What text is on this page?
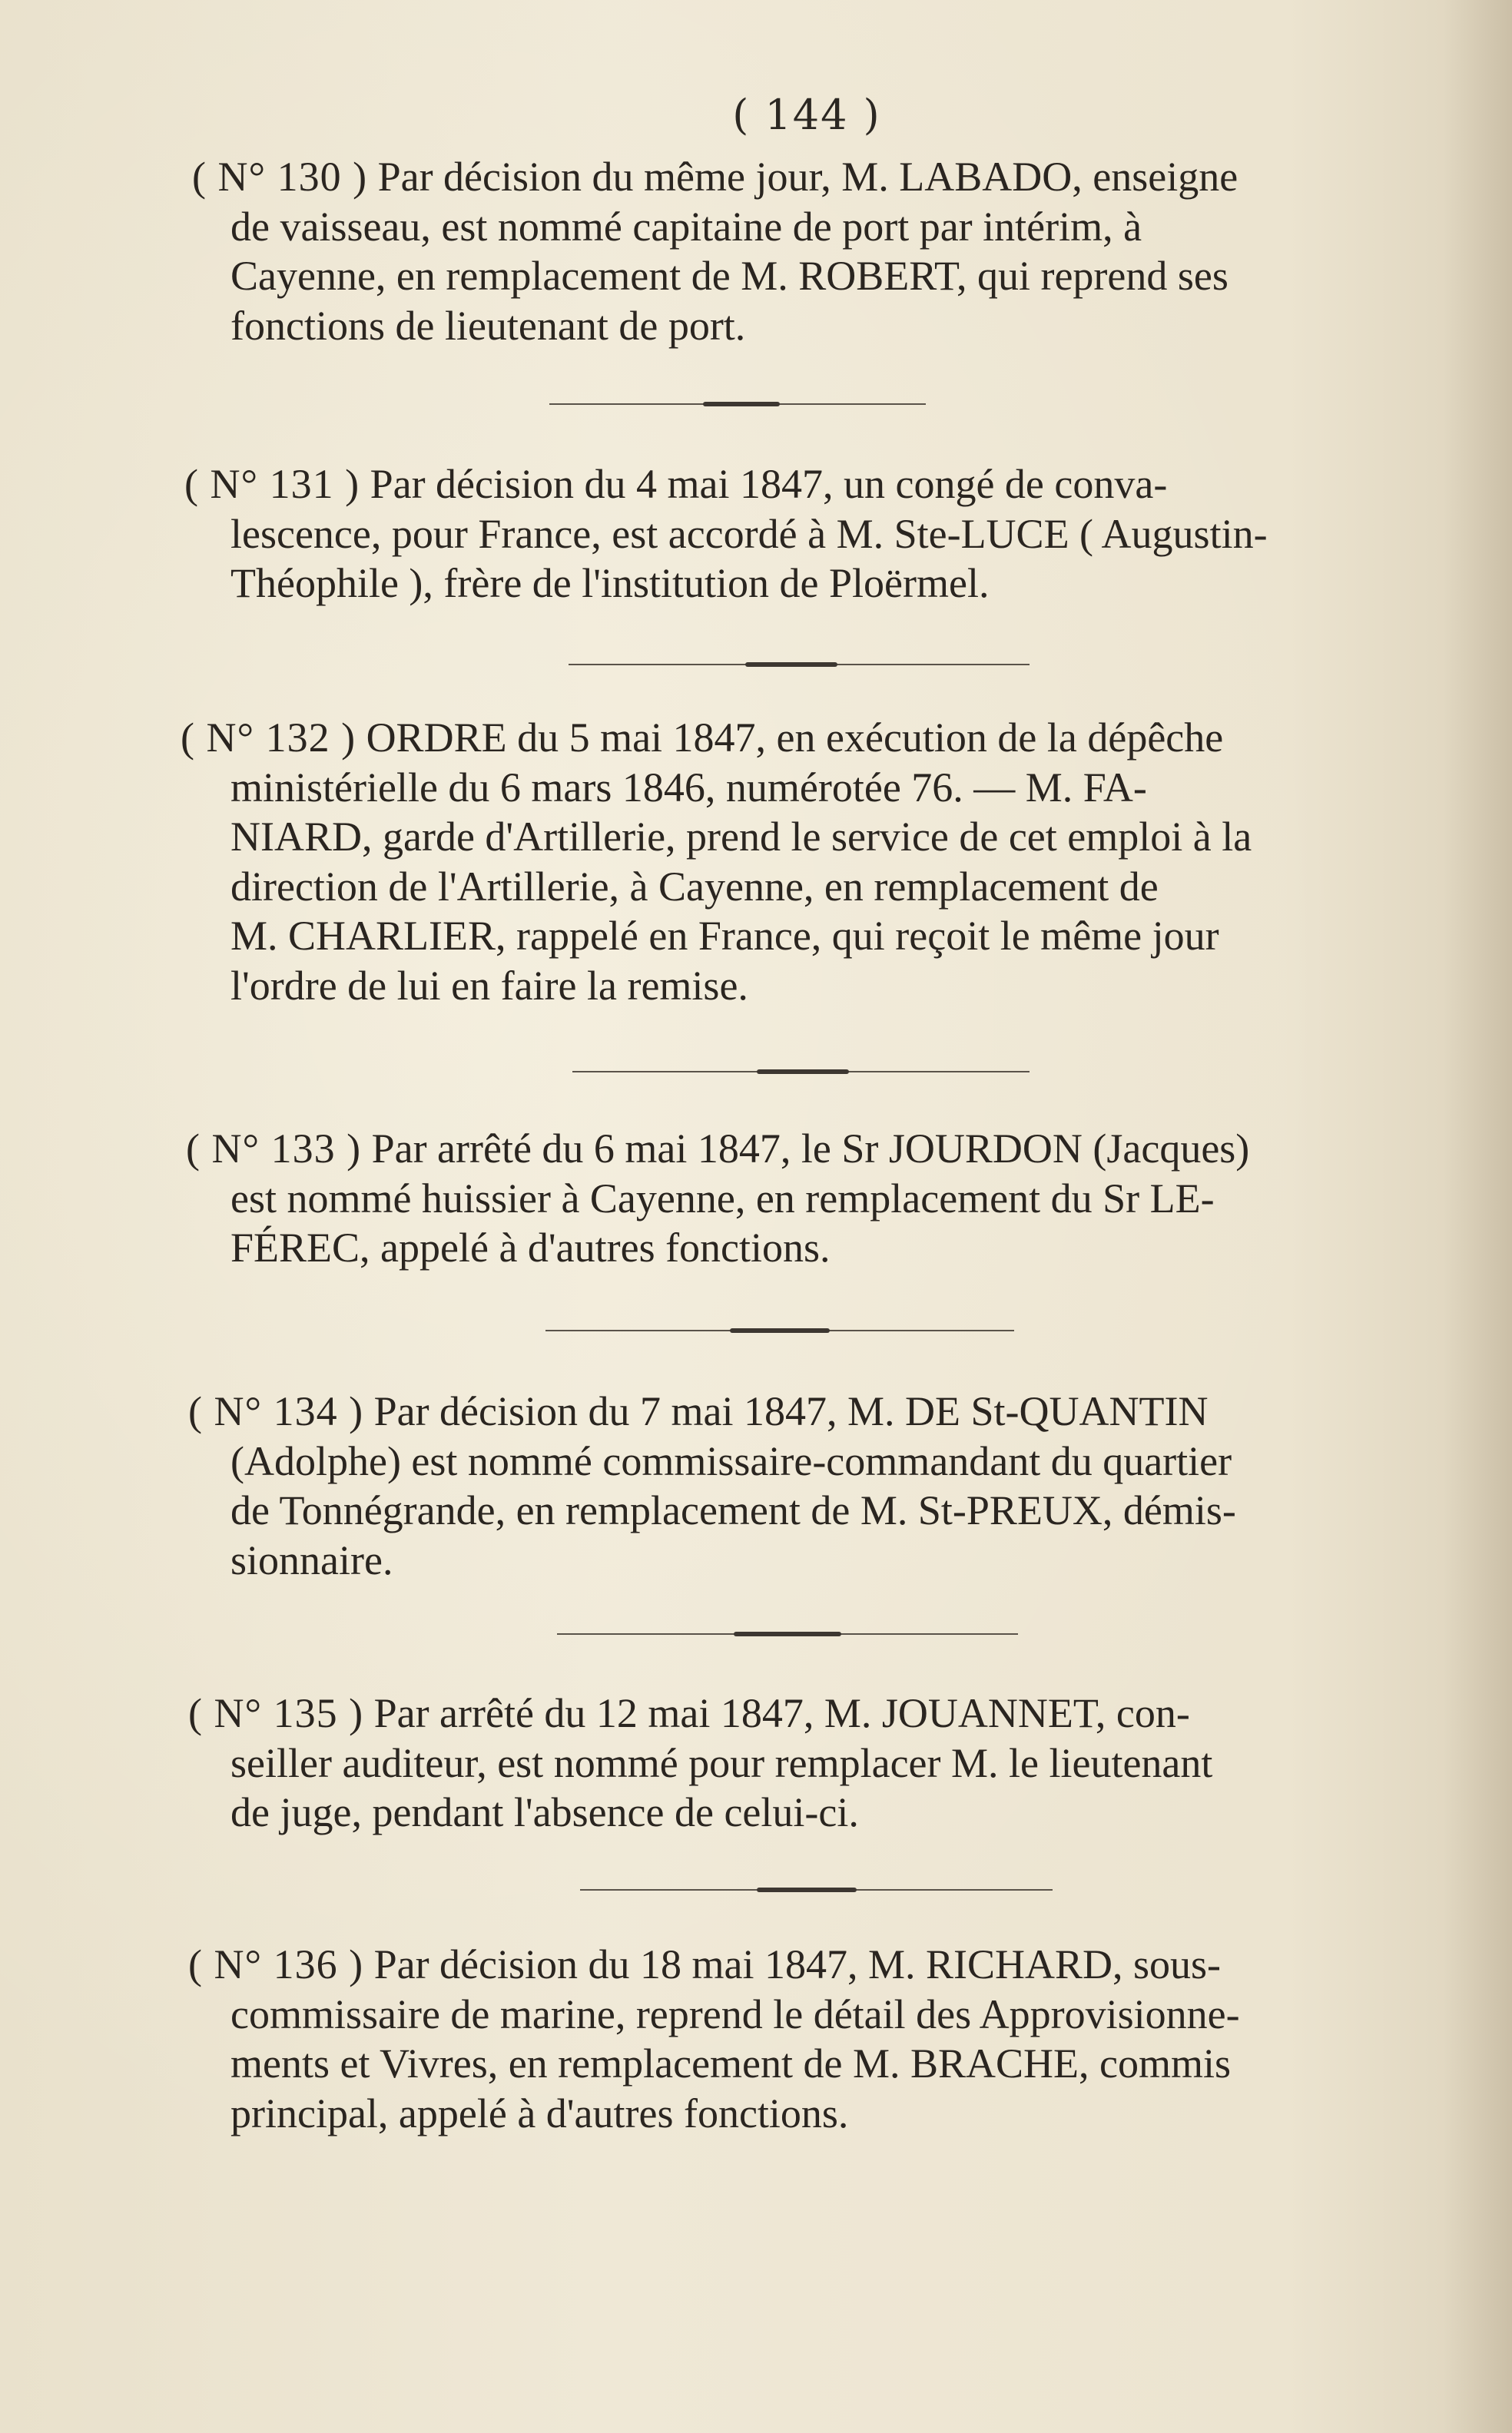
( 144 )
( N° 130 ) Par décision du même jour, M. LABADO, enseigne
de vaisseau, est nommé capitaine de port par intérim, à
Cayenne, en remplacement de M. ROBERT, qui reprend ses
fonctions de lieutenant de port.
( N° 131 ) Par décision du 4 mai 1847, un congé de conva-
lescence, pour France, est accordé à M. Ste-LUCE ( Augustin-
Théophile ), frère de l'institution de Ploërmel.
( N° 132 ) ORDRE du 5 mai 1847, en exécution de la dépêche
ministérielle du 6 mars 1846, numérotée 76. — M. FA-
NIARD, garde d'Artillerie, prend le service de cet emploi à la
direction de l'Artillerie, à Cayenne, en remplacement de
M. CHARLIER, rappelé en France, qui reçoit le même jour
l'ordre de lui en faire la remise.
( N° 133 ) Par arrêté du 6 mai 1847, le Sr JOURDON (Jacques)
est nommé huissier à Cayenne, en remplacement du Sr LE-
FÉREC, appelé à d'autres fonctions.
( N° 134 ) Par décision du 7 mai 1847, M. DE St-QUANTIN
(Adolphe) est nommé commissaire-commandant du quartier
de Tonnégrande, en remplacement de M. St-PREUX, démis-
sionnaire.
( N° 135 ) Par arrêté du 12 mai 1847, M. JOUANNET, con-
seiller auditeur, est nommé pour remplacer M. le lieutenant
de juge, pendant l'absence de celui-ci.
( N° 136 ) Par décision du 18 mai 1847, M. RICHARD, sous-
commissaire de marine, reprend le détail des Approvisionne-
ments et Vivres, en remplacement de M. BRACHE, commis
principal, appelé à d'autres fonctions.
